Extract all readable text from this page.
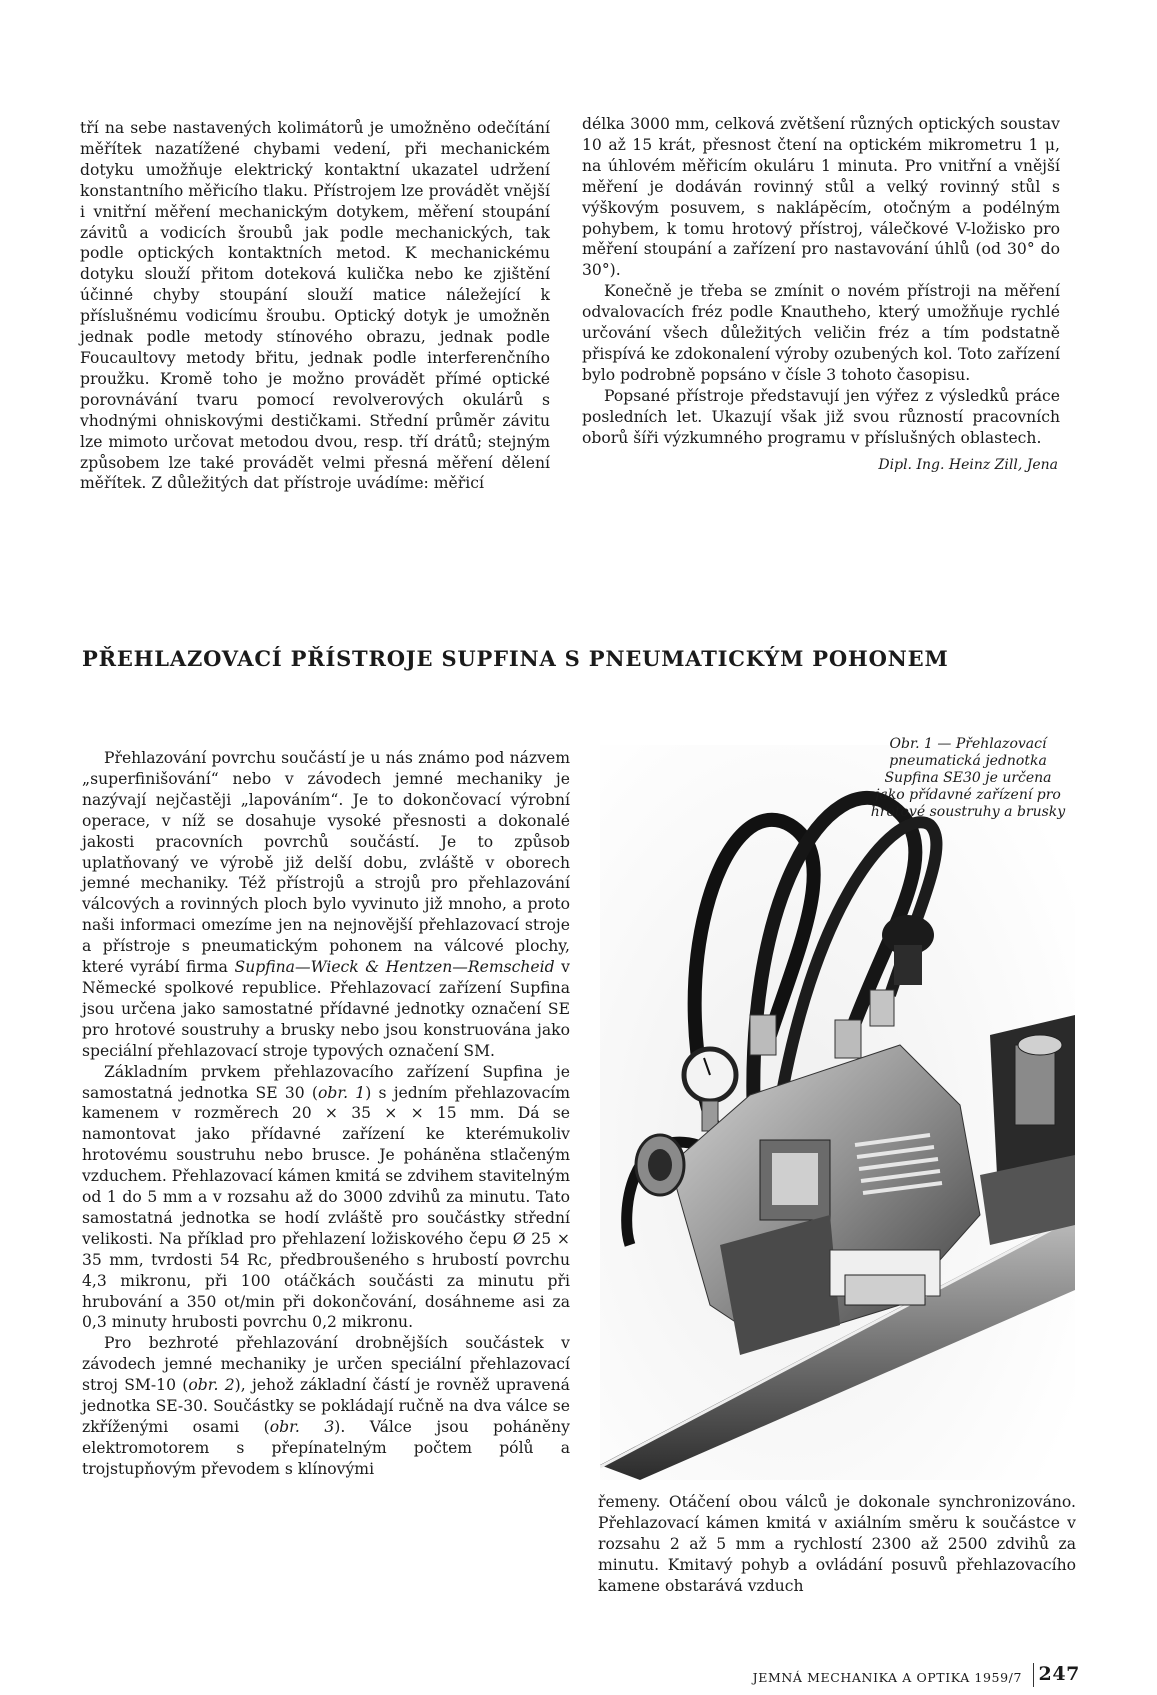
tří na sebe nastavených kolimátorů je umožněno odečítání měřítek nazatížené chybami vedení, při mechanickém dotyku umožňuje elektrický kontaktní ukazatel udržení konstantního měřicího tlaku. Přístrojem lze provádět vnější i vnitřní měření mechanickým dotykem, měření stoupání závitů a vodicích šroubů jak podle mechanických, tak podle optických kontaktních metod. K mechanickému dotyku slouží přitom doteková kulička nebo ke zjištění účinné chyby stoupání slouží matice náležející k příslušnému vodicímu šroubu. Optický dotyk je umožněn jednak podle metody stínového obrazu, jednak podle Foucaultovy metody břitu, jednak podle interferenčního proužku. Kromě toho je možno provádět přímé optické porovnávání tvaru pomocí revolverových okulárů s vhodnými ohniskovými destičkami. Střední průměr závitu lze mimoto určovat metodou dvou, resp. tří drátů; stejným způsobem lze také provádět velmi přesná měření dělení měřítek. Z důležitých dat přístroje uvádíme: měřicí

délka 3000 mm, celková zvětšení různých optických soustav 10 až 15 krát, přesnost čtení na optickém mikrometru 1 μ, na úhlovém měřicím okuláru 1 minuta. Pro vnitřní a vnější měření je dodáván rovinný stůl a velký rovinný stůl s výškovým posuvem, s naklápěcím, otočným a podélným pohybem, k tomu hrotový přístroj, válečkové V-ložisko pro měření stoupání a zařízení pro nastavování úhlů (od 30° do 30°).

Konečně je třeba se zmínit o novém přístroji na měření odvalovacích fréz podle Knautheho, který umožňuje rychlé určování všech důležitých veličin fréz a tím podstatně přispívá ke zdokonalení výroby ozubených kol. Toto zařízení bylo podrobně popsáno v čísle 3 tohoto časopisu.

Popsané přístroje představují jen výřez z výsledků práce posledních let. Ukazují však již svou růzností pracovních oborů šíři výzkumného programu v příslušných oblastech.

Dipl. Ing. Heinz Zill, Jena
PŘEHLAZOVACÍ PŘÍSTROJE SUPFINA S PNEUMATICKÝM POHONEM

Přehlazování povrchu součástí je u nás známo pod názvem „superfinišování“ nebo v závodech jemné mechaniky je nazývají nejčastěji „lapováním“. Je to dokončovací výrobní operace, v níž se dosahuje vysoké přesnosti a dokonalé jakosti pracovních povrchů součástí. Je to způsob uplatňovaný ve výrobě již delší dobu, zvláště v oborech jemné mechaniky. Též přístrojů a strojů pro přehlazování válcových a rovinných ploch bylo vyvinuto již mnoho, a proto naši informaci omezíme jen na nejnovější přehlazovací stroje a přístroje s pneumatickým pohonem na válcové plochy, které vyrábí firma Supfina—Wieck & Hentzen—Remscheid v Německé spolkové republice. Přehlazovací zařízení Supfina jsou určena jako samostatné přídavné jednotky označení SE pro hrotové soustruhy a brusky nebo jsou konstruována jako speciální přehlazovací stroje typových označení SM.

Základním prvkem přehlazovacího zařízení Supfina je samostatná jednotka SE 30 (obr. 1) s jedním přehlazovacím kamenem v rozměrech 20 × 35 × × 15 mm. Dá se namontovat jako přídavné zařízení ke kterémukoliv hrotovému soustruhu nebo brusce. Je poháněna stlačeným vzduchem. Přehlazovací kámen kmitá se zdvihem stavitelným od 1 do 5 mm a v rozsahu až do 3000 zdvihů za minutu. Tato samostatná jednotka se hodí zvláště pro součástky střední velikosti. Na příklad pro přehlazení ložiskového čepu Ø 25 × 35 mm, tvrdosti 54 Rc, předbroušeného s hrubostí povrchu 4,3 mikronu, při 100 otáčkách součásti za minutu při hrubování a 350 ot/min při dokončování, dosáhneme asi za 0,3 minuty hrubosti povrchu 0,2 mikronu.

Pro bezhroté přehlazování drobnějších součástek v závodech jemné mechaniky je určen speciální přehlazovací stroj SM-10 (obr. 2), jehož základní částí je rovněž upravená jednotka SE-30. Součástky se pokládají ručně na dva válce se zkříženými osami (obr. 3). Válce jsou poháněny elektromotorem s přepínatelným počtem pólů a trojstupňovým převodem s klínovými

Obr. 1 — Přehlazovací pneumatická jednotka Supfina SE30 je určena jako přídavné zařízení pro hrotové soustruhy a brusky

řemeny. Otáčení obou válců je dokonale synchronizováno. Přehlazovací kámen kmitá v axiálním směru k součástce v rozsahu 2 až 5 mm a rychlostí 2300 až 2500 zdvihů za minutu. Kmitavý pohyb a ovládání posuvů přehlazovacího kamene obstarává vzduch

JEMNÁ MECHANIKA A OPTIKA 1959/7 247
